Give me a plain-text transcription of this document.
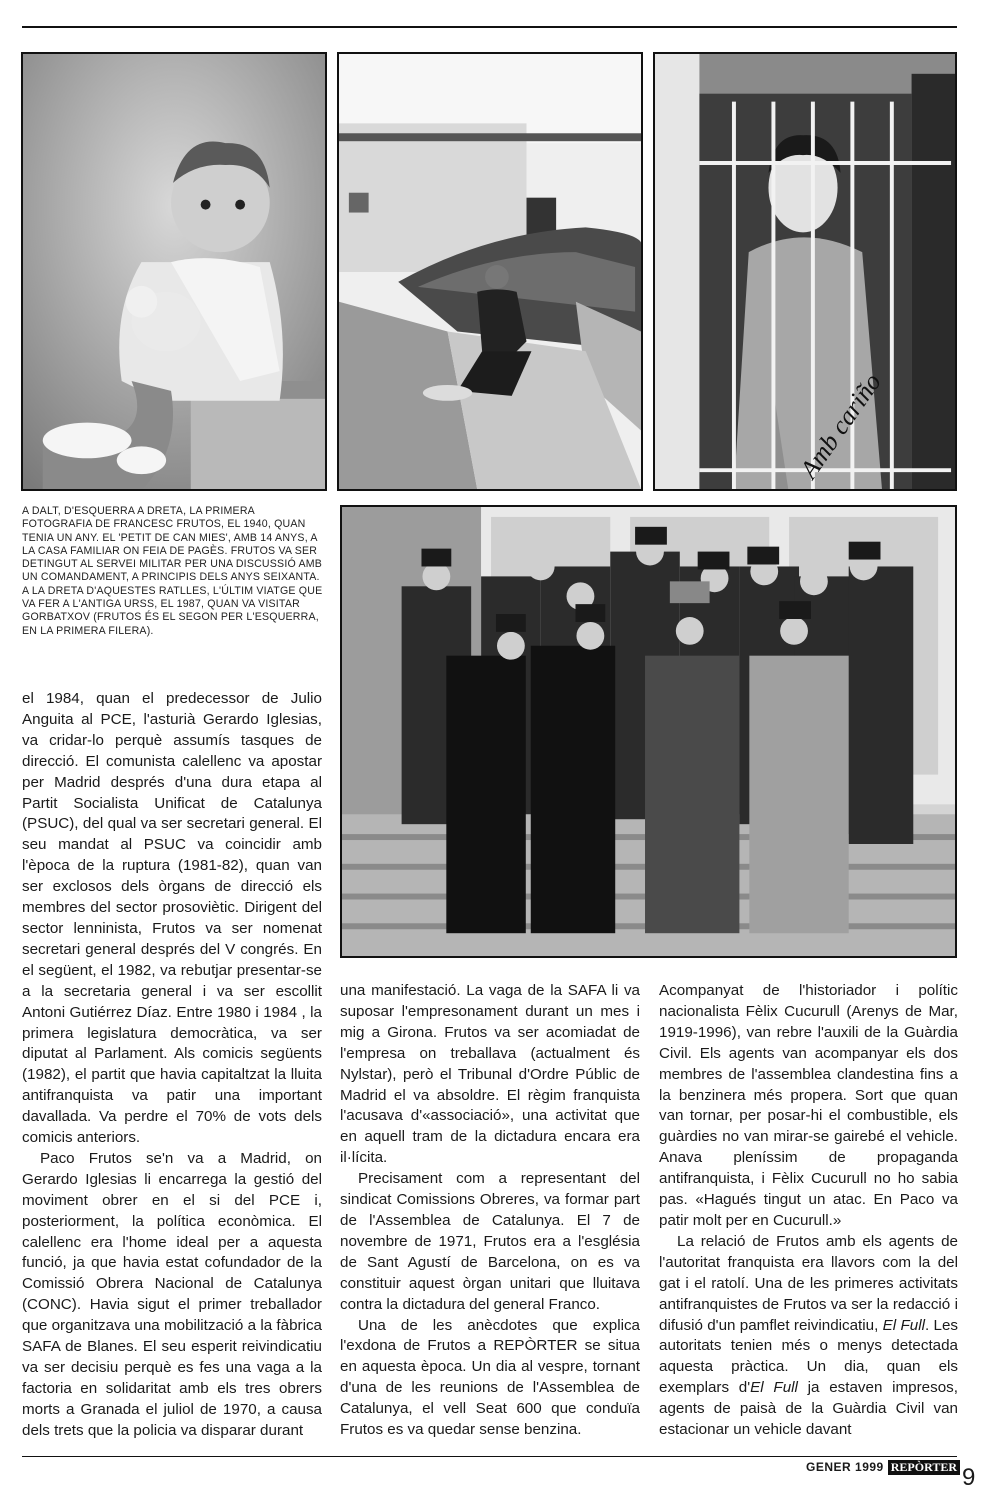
Amb cariño

A DALT, D'ESQUERRA A DRETA, LA PRIMERA FOTOGRAFIA DE FRANCESC FRUTOS, EL 1940, QUAN TENIA UN ANY. EL 'PETIT DE CAN MIES', AMB 14 ANYS, A LA CASA FAMILIAR ON FEIA DE PAGÈS. FRUTOS VA SER DETINGUT AL SERVEI MILITAR PER UNA DISCUSSIÓ AMB UN COMANDAMENT, A PRINCIPIS DELS ANYS SEIXANTA. A LA DRETA D'AQUESTES RATLLES, L'ÚLTIM VIATGE QUE VA FER A L'ANTIGA URSS, EL 1987, QUAN VA VISITAR GORBATXOV (FRUTOS ÉS EL SEGON PER L'ESQUERRA, EN LA PRIMERA FILERA).

el 1984, quan el predecessor de Julio Anguita al PCE, l'asturià Gerardo Iglesias, va cridar-lo perquè assumís tasques de direcció. El comunista calellenc va apostar per Madrid després d'una dura etapa al Partit Socialista Unificat de Catalunya (PSUC), del qual va ser secretari general. El seu mandat al PSUC va coincidir amb l'època de la ruptura (1981-82), quan van ser exclosos dels òrgans de direcció els membres del sector prosoviètic. Dirigent del sector lenninista, Frutos va ser nomenat secretari general després del V congrés. En el següent, el 1982, va rebutjar presentar-se a la secretaria general i va ser escollit Antoni Gutiérrez Díaz. Entre 1980 i 1984 , la primera legislatura democràtica, va ser diputat al Parlament. Als comicis següents (1982), el partit que havia capitaltzat la lluita antifranquista va patir una important davallada. Va perdre el 70% de vots dels comicis anteriors.

Paco Frutos se'n va a Madrid, on Gerardo Iglesias li encarrega la gestió del moviment obrer en el si del PCE i, posteriorment, la política econòmica. El calellenc era l'home ideal per a aquesta funció, ja que havia estat cofundador de la Comissió Obrera Nacional de Catalunya (CONC). Havia sigut el primer treballador que organitzava una mobilització a la fàbrica SAFA de Blanes. El seu esperit reivindicatiu va ser decisiu perquè es fes una vaga a la factoria en solidaritat amb els tres obrers morts a Granada el juliol de 1970, a causa dels trets que la policia va disparar durant

una manifestació. La vaga de la SAFA li va suposar l'empresonament durant un mes i mig a Girona. Frutos va ser acomiadat de l'empresa on treballava (actualment és Nylstar), però el Tribunal d'Ordre Públic de Madrid el va absoldre. El règim franquista l'acusava d'«associació», una activitat que en aquell tram de la dictadura encara era il·lícita.

Precisament com a representant del sindicat Comissions Obreres, va formar part de l'Assemblea de Catalunya. El 7 de novembre de 1971, Frutos era a l'església de Sant Agustí de Barcelona, on es va constituir aquest òrgan unitari que lluitava contra la dictadura del general Franco.

Una de les anècdotes que explica l'exdona de Frutos a REPÒRTER se situa en aquesta època. Un dia al vespre, tornant d'una de les reunions de l'Assemblea de Catalunya, el vell Seat 600 que conduïa Frutos es va quedar sense benzina.

Acompanyat de l'historiador i polític nacionalista Fèlix Cucurull (Arenys de Mar, 1919-1996), van rebre l'auxili de la Guàrdia Civil. Els agents van acompanyar els dos membres de l'assemblea clandestina fins a la benzinera més propera. Sort que quan van tornar, per posar-hi el combustible, els guàrdies no van mirar-se gairebé el vehicle. Anava pleníssim de propaganda antifranquista, i Fèlix Cucurull no ho sabia pas. «Hagués tingut un atac. En Paco va patir molt per en Cucurull.»

La relació de Frutos amb els agents de l'autoritat franquista era llavors com la del gat i el ratolí. Una de les primeres activitats antifranquistes de Frutos va ser la redacció i difusió d'un pamflet reivindicatiu, El Full. Les autoritats tenien més o menys detectada aquesta pràctica. Un dia, quan els exemplars d'El Full ja estaven impresos, agents de paisà de la Guàrdia Civil van estacionar un vehicle davant

GENER 1999 REPÒRTER 9
